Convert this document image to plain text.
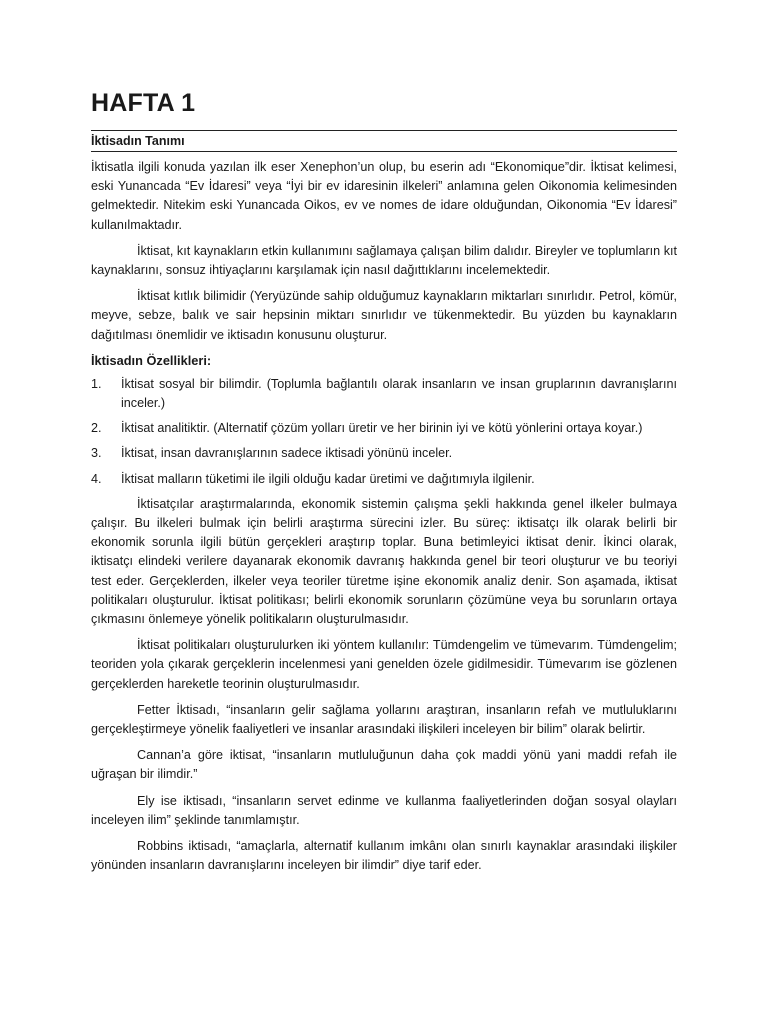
HAFTA 1
İktisadın Tanımı

İktisatla ilgili konuda yazılan ilk eser Xenephon’un olup, bu eserin adı “Ekonomique”dir. İktisat kelimesi, eski Yunancada “Ev İdaresi” veya “İyi bir ev idaresinin ilkeleri” anlamına gelen Oikonomia kelimesinden gelmektedir. Nitekim eski Yunancada Oikos, ev ve nomes de idare olduğundan, Oikonomia “Ev İdaresi” kullanılmaktadır.

İktisat, kıt kaynakların etkin kullanımını sağlamaya çalışan bilim dalıdır. Bireyler ve toplumların kıt kaynaklarını, sonsuz ihtiyaçlarını karşılamak için nasıl dağıttıklarını incelemektedir.

İktisat kıtlık bilimidir (Yeryüzünde sahip olduğumuz kaynakların miktarları sınırlıdır. Petrol, kömür, meyve, sebze, balık ve sair hepsinin miktarı sınırlıdır ve tükenmektedir. Bu yüzden bu kaynakların dağıtılması önemlidir ve iktisadın konusunu oluşturur.

İktisadın Özellikleri:
1.	İktisat sosyal bir bilimdir. (Toplumla bağlantılı olarak insanların ve insan gruplarının davranışlarını inceler.)
2.	İktisat analitiktir. (Alternatif çözüm yolları üretir ve her birinin iyi ve kötü yönlerini ortaya koyar.)
3.	İktisat, insan davranışlarının sadece iktisadi yönünü inceler.
4.	İktisat malların tüketimi ile ilgili olduğu kadar üretimi ve dağıtımıyla ilgilenir.

İktisatçılar araştırmalarında, ekonomik sistemin çalışma şekli hakkında genel ilkeler bulmaya çalışır. Bu ilkeleri bulmak için belirli araştırma sürecini izler. Bu süreç: iktisatçı ilk olarak belirli bir ekonomik sorunla ilgili bütün gerçekleri araştırıp toplar. Buna betimleyici iktisat denir. İkinci olarak, iktisatçı elindeki verilere dayanarak ekonomik davranış hakkında genel bir teori oluşturur ve bu teoriyi test eder. Gerçeklerden, ilkeler veya teoriler türetme işine ekonomik analiz denir. Son aşamada, iktisat politikaları oluşturulur. İktisat politikası; belirli ekonomik sorunların çözümüne veya bu sorunların ortaya çıkmasını önlemeye yönelik politikaların oluşturulmasıdır.

İktisat politikaları oluşturulurken iki yöntem kullanılır: Tümdengelim ve tümevarım. Tümdengelim; teoriden yola çıkarak gerçeklerin incelenmesi yani genelden özele gidilmesidir. Tümevarım ise gözlenen gerçeklerden hareketle teorinin oluşturulmasıdır.

Fetter İktisadı, “insanların gelir sağlama yollarını araştıran, insanların refah ve mutluluklarını gerçekleştirmeye yönelik faaliyetleri ve insanlar arasındaki ilişkileri inceleyen bir bilim” olarak belirtir.

Cannan’a göre iktisat, “insanların mutluluğunun daha çok maddi yönü yani maddi refah ile uğraşan bir ilimdir.”

Ely ise iktisadı, “insanların servet edinme ve kullanma faaliyetlerinden doğan sosyal olayları inceleyen ilim” şeklinde tanımlamıştır.

Robbins iktisadı, “amaçlarla, alternatif kullanım imkânı olan sınırlı kaynaklar arasındaki ilişkiler yönünden insanların davranışlarını inceleyen bir ilimdir” diye tarif eder.
